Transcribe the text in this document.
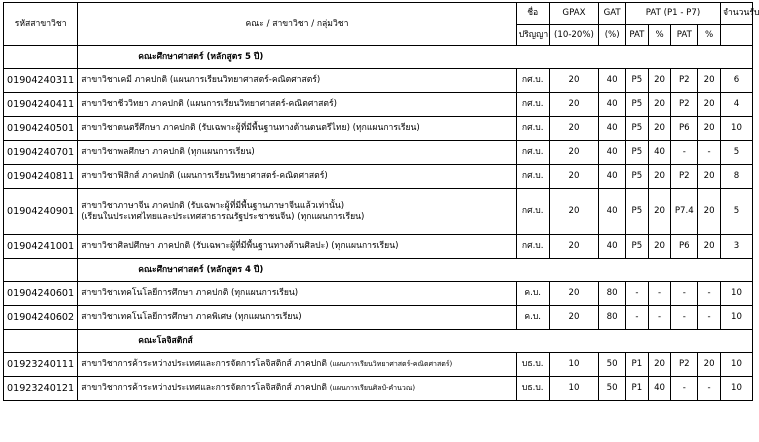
รหัสสาขาวิชา	คณะ / สาขาวิชา / กลุ่มวิชา	ชื่อ	GPAX	GAT	PAT (P1 - P7)				จำนวนรับ
		ปริญญา	(10-20%)	(%)	PAT	%	PAT	%	
	คณะศึกษาศาสตร์ (หลักสูตร 5 ปี)								
01904240311	สาขาวิชาเคมี ภาคปกติ (แผนการเรียนวิทยาศาสตร์-คณิตศาสตร์)	กศ.บ.	20	40	P5	20	P2	20	6
01904240411	สาขาวิชาชีววิทยา ภาคปกติ (แผนการเรียนวิทยาศาสตร์-คณิตศาสตร์)	กศ.บ.	20	40	P5	20	P2	20	4
01904240501	สาขาวิชาดนตรีศึกษา ภาคปกติ (รับเฉพาะผู้ที่มีพื้นฐานทางด้านดนตรีไทย) (ทุกแผนการเรียน)	กศ.บ.	20	40	P5	20	P6	20	10
01904240701	สาขาวิชาพลศึกษา ภาคปกติ (ทุกแผนการเรียน)	กศ.บ.	20	40	P5	40	-	-	5
01904240811	สาขาวิชาฟิสิกส์ ภาคปกติ (แผนการเรียนวิทยาศาสตร์-คณิตศาสตร์)	กศ.บ.	20	40	P5	20	P2	20	8
01904240901	สาขาวิชาภาษาจีน ภาคปกติ (รับเฉพาะผู้ที่มีพื้นฐานภาษาจีนแล้วเท่านั้น)
(เรียนในประเทศไทยและประเทศสาธารณรัฐประชาชนจีน) (ทุกแผนการเรียน)	กศ.บ.	20	40	P5	20	P7.4	20	5
01904241001	สาขาวิชาศิลปศึกษา ภาคปกติ (รับเฉพาะผู้ที่มีพื้นฐานทางด้านศิลปะ) (ทุกแผนการเรียน)	กศ.บ.	20	40	P5	20	P6	20	3
	คณะศึกษาศาสตร์ (หลักสูตร 4 ปี)								
01904240601	สาขาวิชาเทคโนโลยีการศึกษา ภาคปกติ (ทุกแผนการเรียน)	ค.บ.	20	80	-	-	-	-	10
01904240602	สาขาวิชาเทคโนโลยีการศึกษา ภาคพิเศษ (ทุกแผนการเรียน)	ค.บ.	20	80	-	-	-	-	10
	คณะโลจิสติกส์								
01923240111	สาขาวิชาการค้าระหว่างประเทศและการจัดการโลจิสติกส์ ภาคปกติ (แผนการเรียนวิทยาศาสตร์-คณิตศาสตร์)	บธ.บ.	10	50	P1	20	P2	20	10
01923240121	สาขาวิชาการค้าระหว่างประเทศและการจัดการโลจิสติกส์ ภาคปกติ (แผนการเรียนศิลป์-คำนวณ)	บธ.บ.	10	50	P1	40	-	-	10
